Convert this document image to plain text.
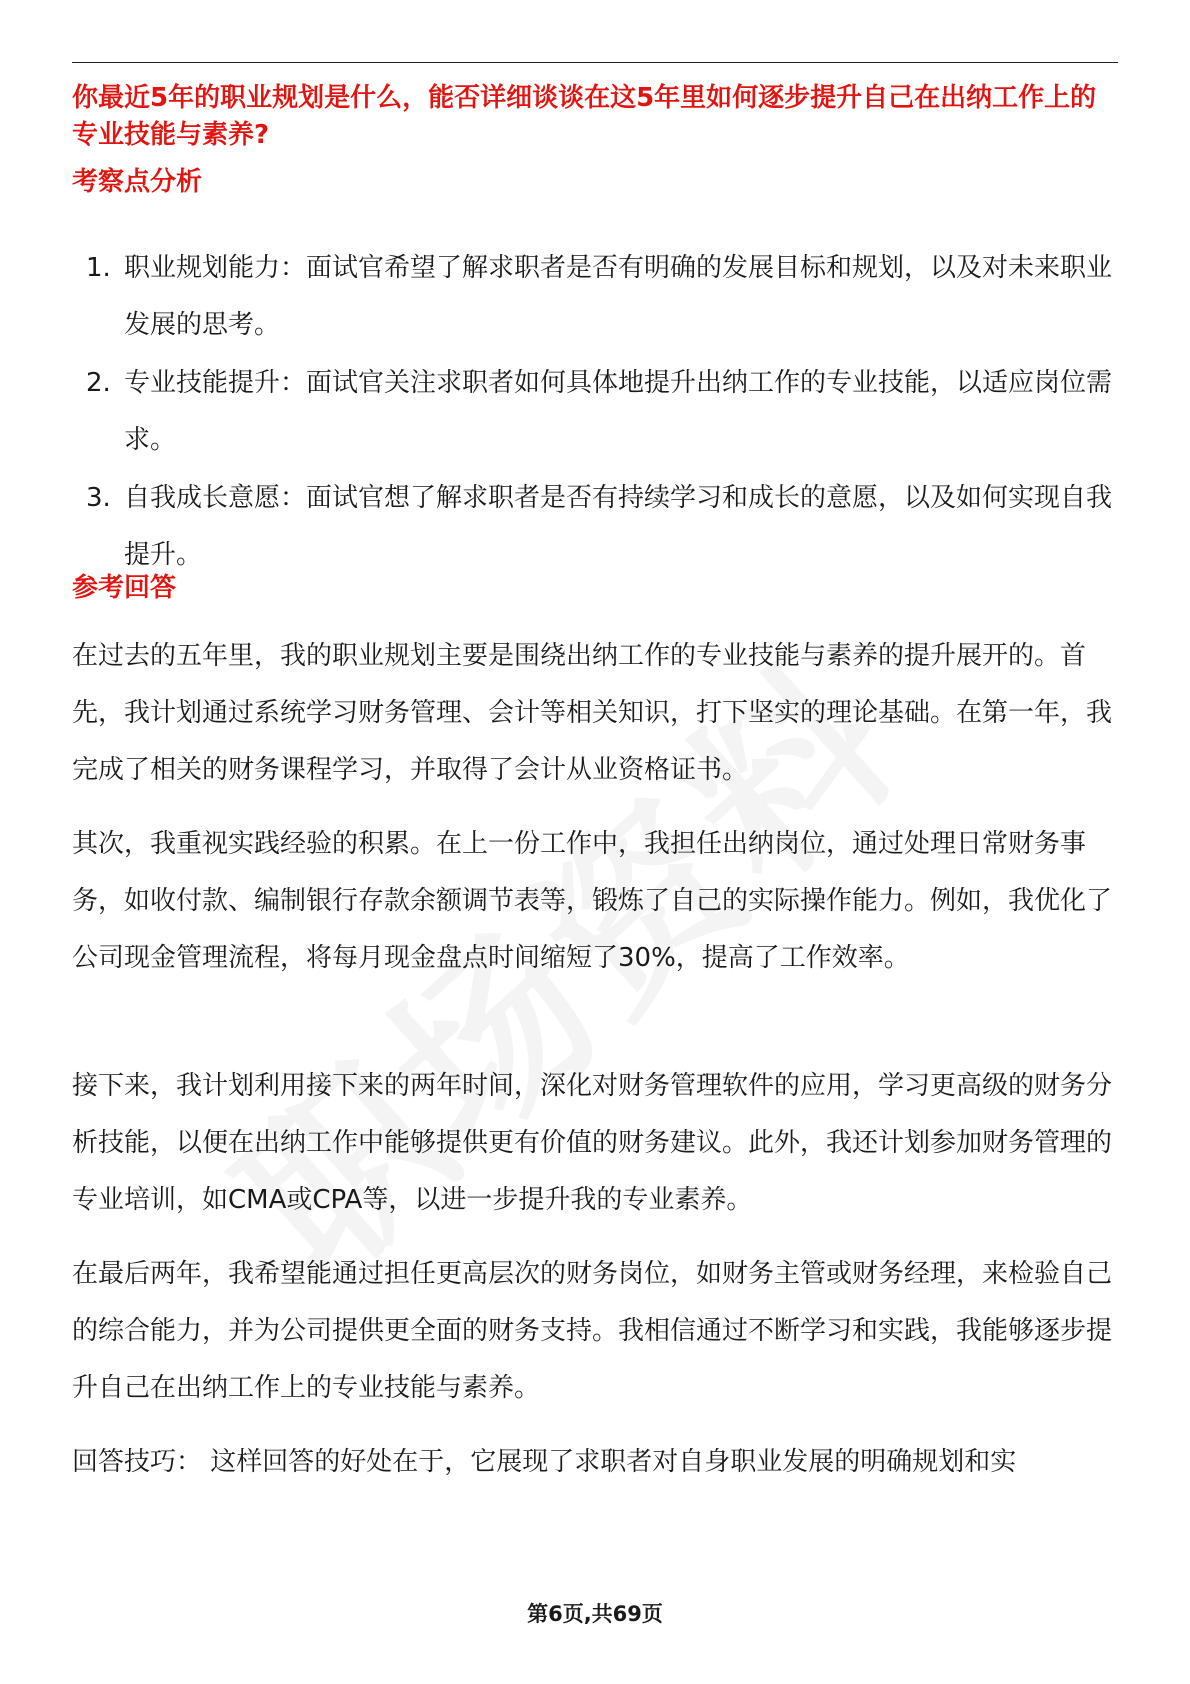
你最近5年的职业规划是什么，能否详细谈谈在这5年里如何逐步提升自己在出纳工作上的专业技能与素养?
考察点分析
1. 职业规划能力：面试官希望了解求职者是否有明确的发展目标和规划，以及对未来职业发展的思考。
2. 专业技能提升：面试官关注求职者如何具体地提升出纳工作的专业技能，以适应岗位需求。
3. 自我成长意愿：面试官想了解求职者是否有持续学习和成长的意愿，以及如何实现自我提升。
参考回答

在过去的五年里，我的职业规划主要是围绕出纳工作的专业技能与素养的提升展开的。首先，我计划通过系统学习财务管理、会计等相关知识，打下坚实的理论基础。在第一年，我完成了相关的财务课程学习，并取得了会计从业资格证书。

其次，我重视实践经验的积累。在上一份工作中，我担任出纳岗位，通过处理日常财务事务，如收付款、编制银行存款余额调节表等，锻炼了自己的实际操作能力。例如，我优化了公司现金管理流程，将每月现金盘点时间缩短了30%，提高了工作效率。

接下来，我计划利用接下来的两年时间，深化对财务管理软件的应用，学习更高级的财务分析技能，以便在出纳工作中能够提供更有价值的财务建议。此外，我还计划参加财务管理的专业培训，如CMA或CPA等，以进一步提升我的专业素养。

在最后两年，我希望能通过担任更高层次的财务岗位，如财务主管或财务经理，来检验自己的综合能力，并为公司提供更全面的财务支持。我相信通过不断学习和实践，我能够逐步提升自己在出纳工作上的专业技能与素养。

回答技巧： 这样回答的好处在于，它展现了求职者对自身职业发展的明确规划和实

第6页,共69页
